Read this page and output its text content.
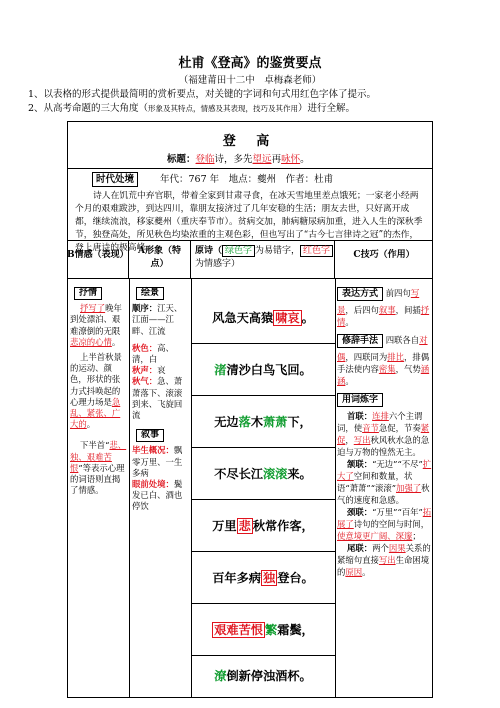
杜甫《登高》的鉴赏要点
（福建莆田十二中　卓梅森老师）
1、以表格的形式提供最简明的赏析要点，对关键的字词和句式用红色字体了提示。
2、从高考命题的三大角度（形象及其特点，情感及其表现，技巧及其作用）进行全解。
登 高
标题：登临诗，多先望远再咏怀。
时代处境	年代：767 年　地点：夔州　作者：杜甫
诗人在饥荒中弃官职，带着全家到甘肃寻食，在冰天雪地里差点饿死；一家老小经两个月的艰难跋涉，到达四川，靠朋友接济过了几年安稳的生活；朋友去世，只好离开成都，继续流浪，移家夔州（重庆奉节市）。贫病交加，肺病糖尿病加重，进入人生的深秋季节，独登高处，所见秋色均染浓重的主观色彩，但也写出了“古今七言律诗之冠”的杰作，登上唐诗的极高峰。
B情感（表现）	A形象（特
点）
原诗（ 绿色字 为易错字， 红色字为情感字）
C技巧（作用）
抒情
抒写了晚年到处漂泊、艰难潦倒的无限悲凉的心情。
上半首秋景的运动、颜色，形状的张力式抖唤起的心理力场是急乱、紧张、广大的。
下半首“悲、独、艰难苦恨”等表示心理的词语则直揭了情感。
绘景
顺序：江天、江面——江畔、江流
秋色：高、清，白
秋声：哀
秋气：急、萧萧落下、滚滚到来、飞旋回流
叙事
毕生概况：飘零万里、一生多病
眼前处境：鬓发已白、酒也停饮
风急天高猿 啸哀 。
渚清沙白鸟飞回。
无边落木萧萧下，
不尽长江滚滚来。
万里 悲 秋常作客，
百年多病 独 登台。
艰难苦恨 繁霜鬓，
潦倒新停浊酒杯。
表达方式 前四句写景，后四句叙事，间插抒情。
修辞手法 四联各自对偶，四联同为排比，排偶手法使内容密集，气势涵涵。
用词炼字
首联：连排六个主谓词，使音节急促，节奏紧促，写出秋风秋水急的急迫与万物的惶然无主。
颔联：“无边”“不尽”扩大了空间和数量，状语“萧萧”“滚滚”加强了秋气的速度和急感。
颈联：“万里”“百年”拓展了诗句的空间与时间，使意境更广阔、深邃；
尾联：两个因果关系的紧缩句直接写出生命困境的原因。
